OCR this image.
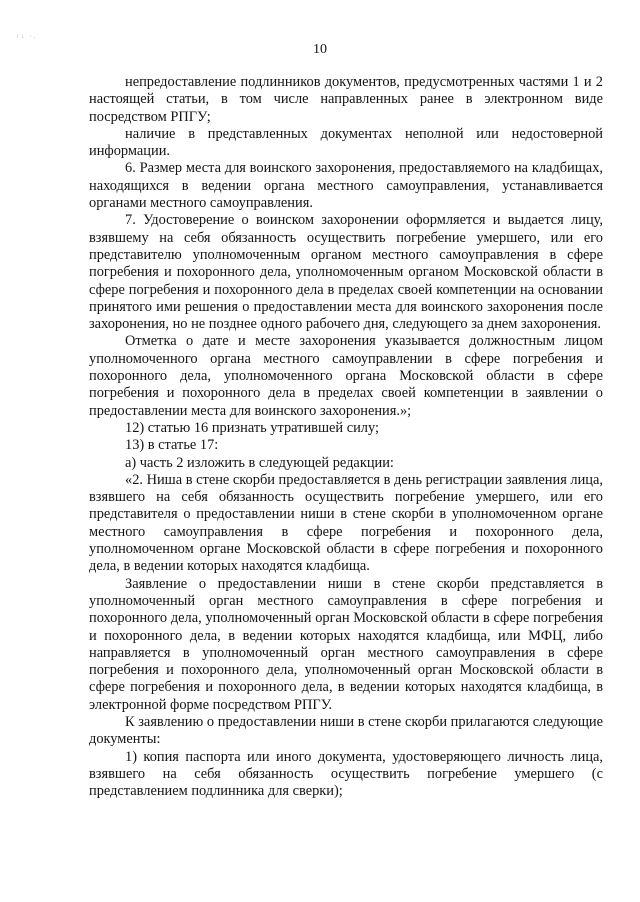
↑↓ ·.
10

непредоставление подлинников документов, предусмотренных частями 1 и 2 настоящей статьи, в том числе направленных ранее в электронном виде посредством РПГУ;

наличие в представленных документах неполной или недостоверной информации.

6. Размер места для воинского захоронения, предоставляемого на кладбищах, находящихся в ведении органа местного самоуправления, устанавливается органами местного самоуправления.

7. Удостоверение о воинском захоронении оформляется и выдается лицу, взявшему на себя обязанность осуществить погребение умершего, или его представителю уполномоченным органом местного самоуправления в сфере погребения и похоронного дела, уполномоченным органом Московской области в сфере погребения и похоронного дела в пределах своей компетенции на основании принятого ими решения о предоставлении места для воинского захоронения после захоронения, но не позднее одного рабочего дня, следующего за днем захоронения.

Отметка о дате и месте захоронения указывается должностным лицом уполномоченного органа местного самоуправлении в сфере погребения и похоронного дела, уполномоченного органа Московской области в сфере погребения и похоронного дела в пределах своей компетенции в заявлении о предоставлении места для воинского захоронения.»;

12) статью 16 признать утратившей силу;

13) в статье 17:

а) часть 2 изложить в следующей редакции:

«2. Ниша в стене скорби предоставляется в день регистрации заявления лица, взявшего на себя обязанность осуществить погребение умершего, или его представителя о предоставлении ниши в стене скорби в уполномоченном органе местного самоуправления в сфере погребения и похоронного дела, уполномоченном органе Московской области в сфере погребения и похоронного дела, в ведении которых находятся кладбища.

Заявление о предоставлении ниши в стене скорби представляется в уполномоченный орган местного самоуправления в сфере погребения и похоронного дела, уполномоченный орган Московской области в сфере погребения и похоронного дела, в ведении которых находятся кладбища, или МФЦ, либо направляется в уполномоченный орган местного самоуправления в сфере погребения и похоронного дела, уполномоченный орган Московской области в сфере погребения и похоронного дела, в ведении которых находятся кладбища, в электронной форме посредством РПГУ.

К заявлению о предоставлении ниши в стене скорби прилагаются следующие документы:

1) копия паспорта или иного документа, удостоверяющего личность лица, взявшего на себя обязанность осуществить погребение умершего (с представлением подлинника для сверки);
